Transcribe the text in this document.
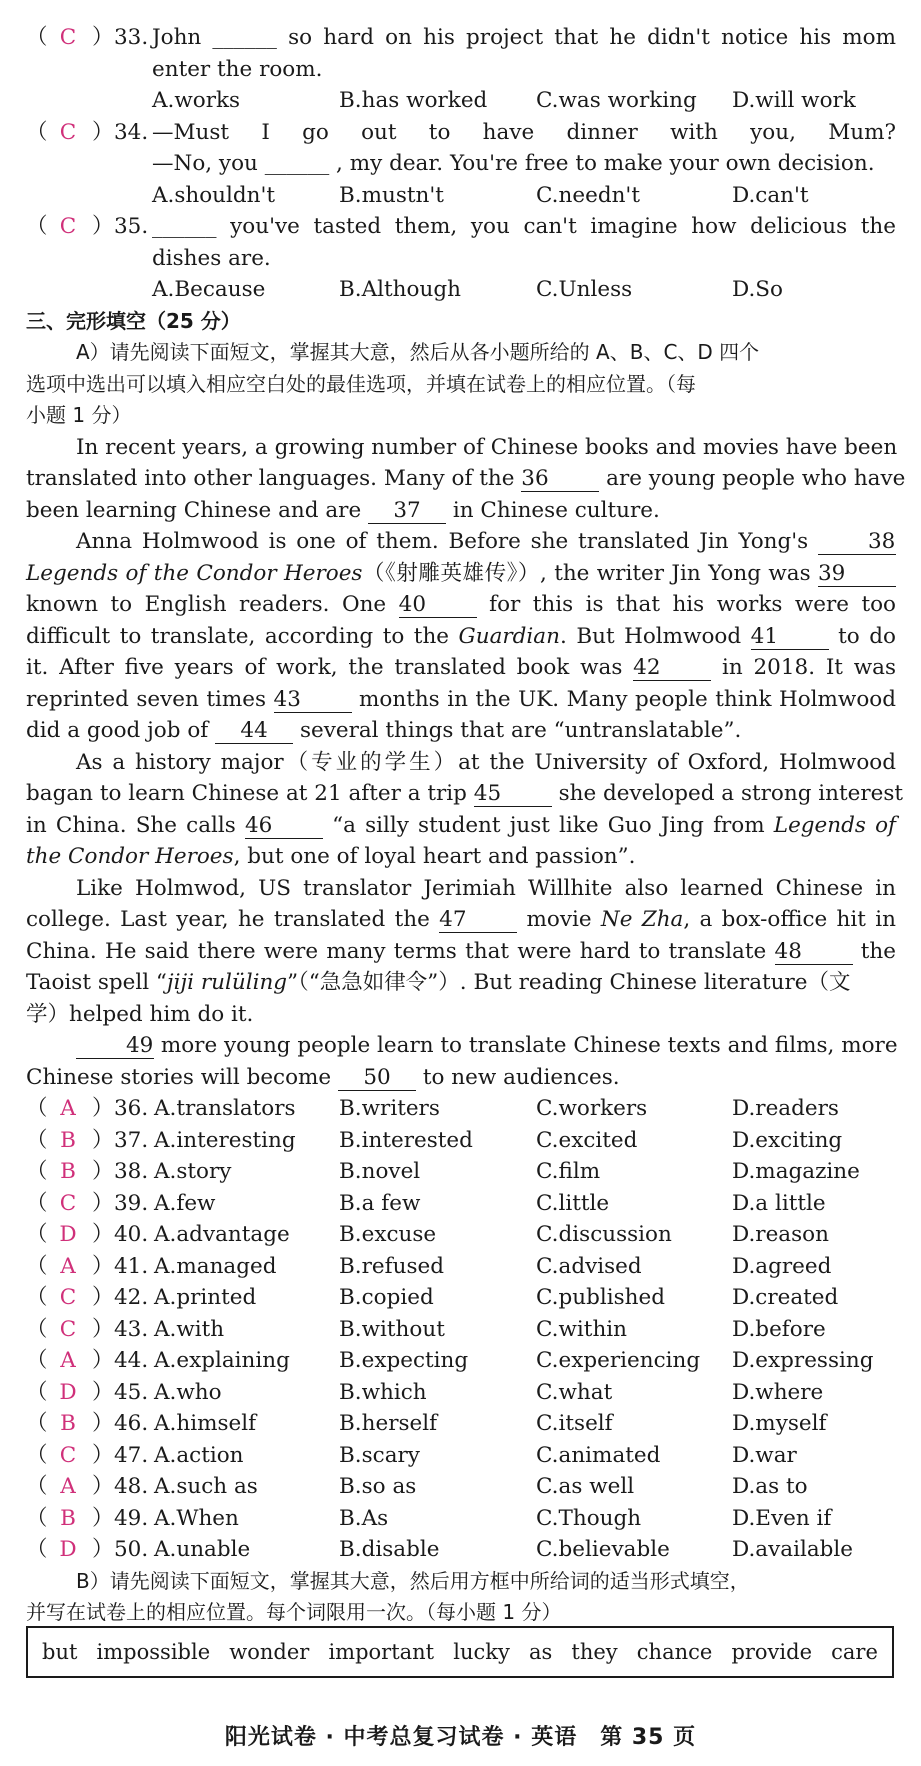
（ C ） 33. John ______ so hard on his project that he didn't notice his mom
enter the room.
A.works	B.has worked C.was working D.will work
（ C ） 34. —Must I go out to have dinner with you, Mum?
—No, you ______ , my dear. You're free to make your own decision.
A.shouldn't	B.mustn't	C.needn't	D.can't
（ C ） 35. ______ you've tasted them, you can't imagine how delicious the
dishes are.
A.Because	B.Although	C.Unless	D.So
三、完形填空（25 分）
A）请先阅读下面短文，掌握其大意，然后从各小题所给的 A、B、C、D 四个
选项中选出可以填入相应空白处的最佳选项，并填在试卷上的相应位置。（每
小题 1 分）
In recent years, a growing number of Chinese books and movies have been
translated into other languages. Many of the 36	are young people who have
been learning Chinese and are 37 in Chinese culture.
Anna Holmwood is one of them. Before she translated Jin Yong's	38
Legends of the Condor Heroes（《射雕英雄传》）, the writer Jin Yong was 39
known to English readers. One 40	for this is that his works were too
difficult to translate, according to the Guardian. But Holmwood 41	to do
it. After five years of work, the translated book was 42	in 2018. It was
reprinted seven times 43	months in the UK. Many people think Holmwood
did a good job of 44 several things that are “untranslatable”.
As a history major（专业的学生）at the University of Oxford, Holmwood
bagan to learn Chinese at 21 after a trip 45	she developed a strong interest
in China. She calls 46	“a silly student just like Guo Jing from Legends of
the Condor Heroes, but one of loyal heart and passion”.
Like Holmwod, US translator Jerimiah Willhite also learned Chinese in
college. Last year, he translated the 47	movie Ne Zha, a box-office hit in
China. He said there were many terms that were hard to translate 48	the
Taoist spell “jiji rulüling”（“急急如律令”）. But reading Chinese literature（文
学）helped him do it.
49 more young people learn to translate Chinese texts and films, more
Chinese stories will become 50 to new audiences.
（ A ） 36. A.translators B.writers	C.workers	D.readers
（ B ） 37. A.interesting B.interested	C.excited	D.exciting
（ B ） 38. A.story	B.novel	C.film	D.magazine
（ C ） 39. A.few	B.a few	C.little	D.a little
（ D ） 40. A.advantage B.excuse	C.discussion	D.reason
（ A ） 41. A.managed	B.refused	C.advised	D.agreed
（ C ） 42. A.printed	B.copied	C.published	D.created
（ C ） 43. A.with	B.without	C.within	D.before
（ A ） 44. A.explaining B.expecting	C.experiencing D.expressing
（ D ） 45. A.who	B.which	C.what	D.where
（ B ） 46. A.himself	B.herself	C.itself	D.myself
（ C ） 47. A.action	B.scary	C.animated	D.war
（ A ） 48. A.such as	B.so as	C.as well	D.as to
（ B ） 49. A.When	B.As	C.Though	D.Even if
（ D ） 50. A.unable	B.disable	C.believable	D.available
B）请先阅读下面短文，掌握其大意，然后用方框中所给词的适当形式填空，
并写在试卷上的相应位置。每个词限用一次。（每小题 1 分）
but impossible wonder important lucky as they chance provide care
阳光试卷 · 中考总复习试卷 · 英语　第 35 页
